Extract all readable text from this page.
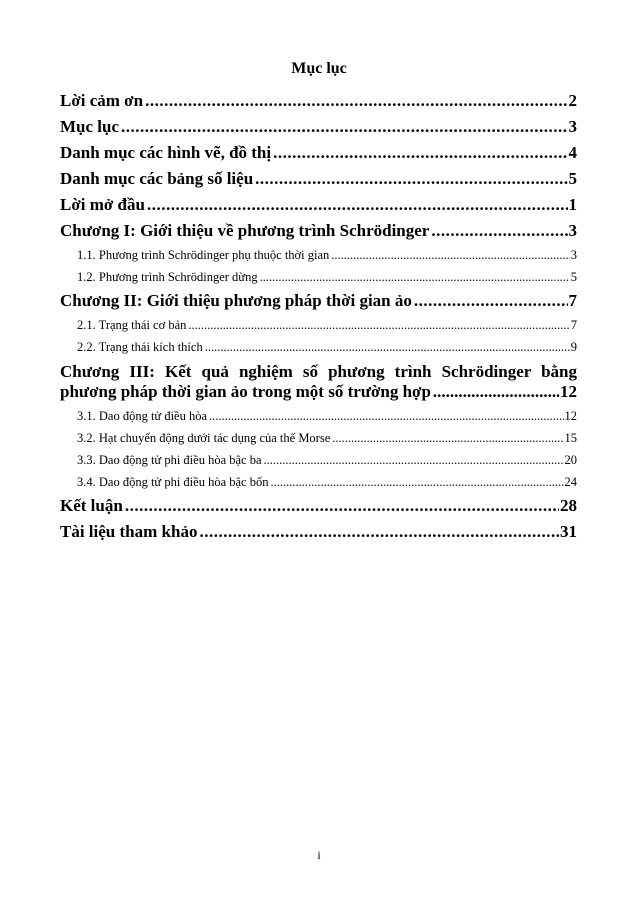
Mục lục
Lời cảm ơn .....	2
Mục lục .....	3
Danh mục các hình vẽ, đồ thị .....	4
Danh mục các bảng số liệu .....	5
Lời mở đầu .....	1
Chương I: Giới thiệu về phương trình Schrödinger .....	3
1.1. Phương trình Schrödinger phụ thuộc thời gian .....	3
1.2. Phương trình Schrödinger dừng .....	5
Chương II: Giới thiệu phương pháp thời gian ảo .....	7
2.1. Trạng thái cơ bản .....	7
2.2. Trạng thái kích thích .....	9
Chương III: Kết quả nghiệm số phương trình Schrödinger bằng
phương pháp thời gian ảo trong một số trường hợp .....	12
3.1. Dao động tử điều hòa .....	12
3.2. Hạt chuyển động dưới tác dụng của thế Morse .....	15
3.3. Dao động tử phi điều hòa bậc ba .....	20
3.4. Dao động tử phi điều hòa bậc bốn .....	24
Kết luận .....	28
Tài liệu tham khảo .....	31
i
